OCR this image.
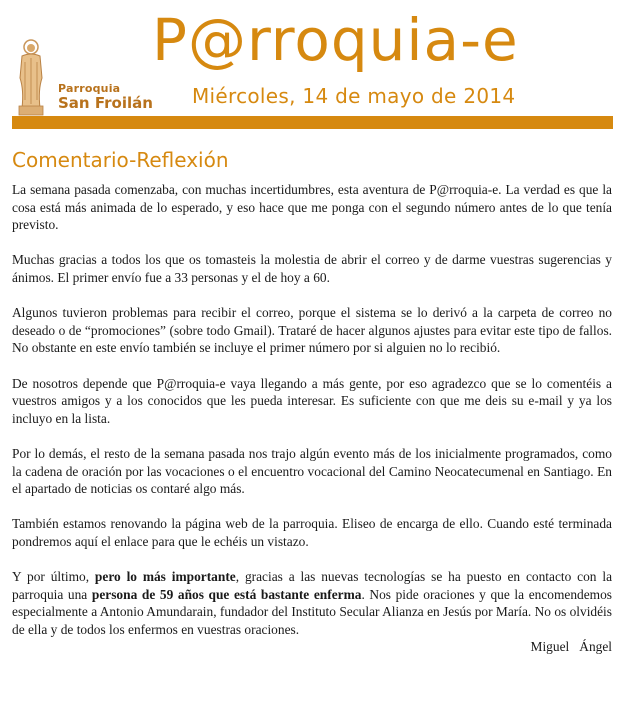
Parroquia
San Froilán
P@rroquia-e
Miércoles, 14 de mayo de 2014
Comentario-Reflexión

La semana pasada comenzaba, con muchas incertidumbres, esta aventura de P@rroquia-e. La verdad es que la cosa está más animada de lo esperado, y eso hace que me ponga con el segundo número antes de lo que tenía previsto.

Muchas gracias a todos los que os tomasteis la molestia de abrir el correo y de darme vuestras sugerencias y ánimos. El primer envío fue a 33 personas y el de hoy a 60.

Algunos tuvieron problemas para recibir el correo, porque el sistema se lo derivó a la carpeta de correo no deseado o de “promociones” (sobre todo Gmail). Trataré de hacer algunos ajustes para evitar este tipo de fallos. No obstante en este envío también se incluye el primer número por si alguien no lo recibió.

De nosotros depende que P@rroquia-e vaya llegando a más gente, por eso agradezco que se lo comentéis a vuestros amigos y a los conocidos que les pueda interesar. Es suficiente con que me deis su e-mail y ya los incluyo en la lista.

Por lo demás, el resto de la semana pasada nos trajo algún evento más de los inicialmente programados, como la cadena de oración por las vocaciones o el encuentro vocacional del Camino Neocatecumenal en Santiago. En el apartado de noticias os contaré algo más.

También estamos renovando la página web de la parroquia. Eliseo de encarga de ello. Cuando esté terminada pondremos aquí el enlace para que le echéis un vistazo.

Y por último, pero lo más importante, gracias a las nuevas tecnologías se ha puesto en contacto con la parroquia una persona de 59 años que está bastante enferma. Nos pide oraciones y que la encomendemos especialmente a Antonio Amundarain, fundador del Instituto Secular Alianza en Jesús por María. No os olvidéis de ella y de todos los enfermos en vuestras oraciones.

Miguel   Ángel
